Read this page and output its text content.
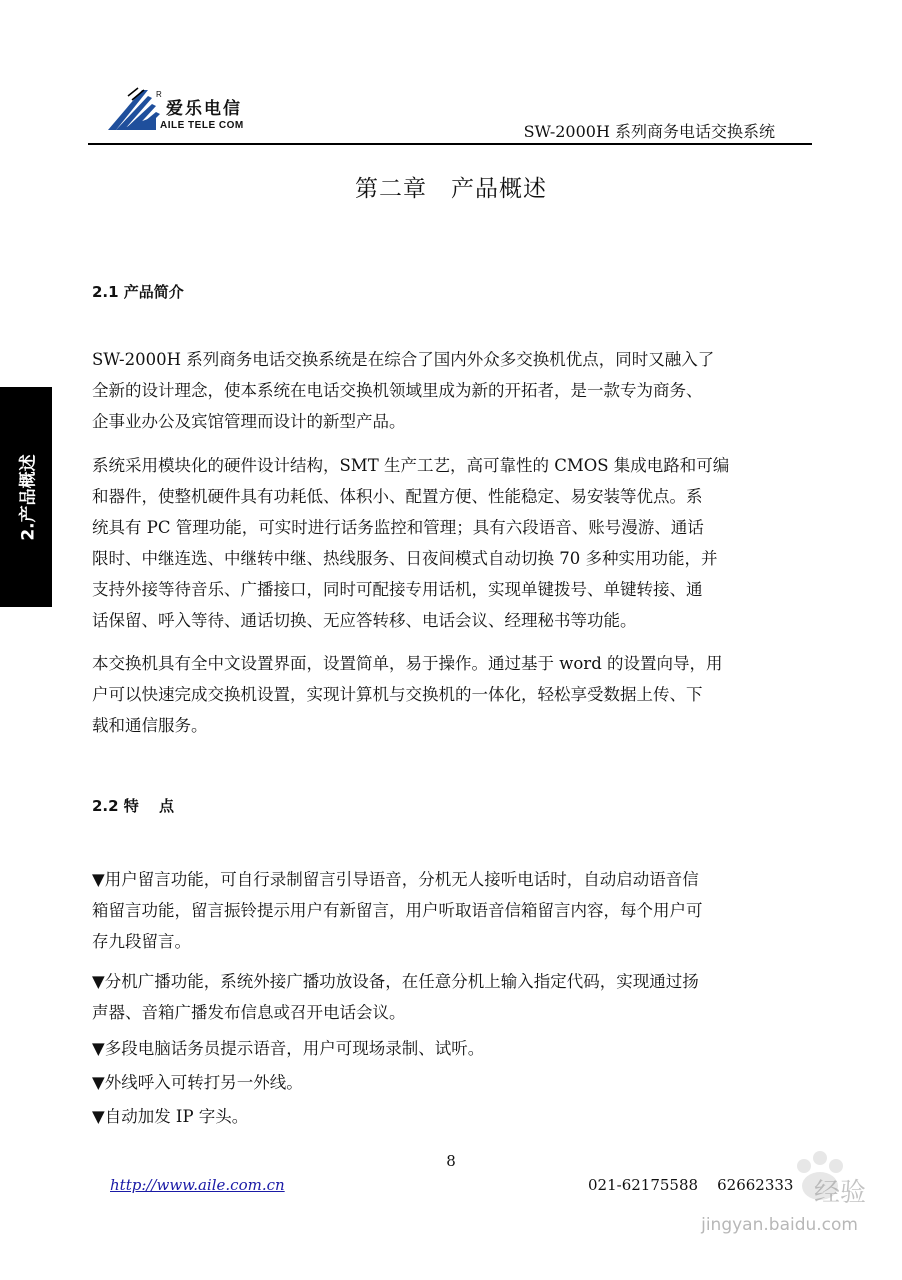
R
爱乐电信
AILE TELE COM	SW-2000H 系列商务电话交换系统
第二章　产品概述
2.产品概述
2.1 产品简介
SW-2000H 系列商务电话交换系统是在综合了国内外众多交换机优点，同时又融入了
全新的设计理念，使本系统在电话交换机领域里成为新的开拓者，是一款专为商务、
企事业办公及宾馆管理而设计的新型产品。
系统采用模块化的硬件设计结构，SMT 生产工艺，高可靠性的 CMOS 集成电路和可编
和器件，使整机硬件具有功耗低、体积小、配置方便、性能稳定、易安装等优点。系
统具有 PC 管理功能，可实时进行话务监控和管理；具有六段语音、账号漫游、通话
限时、中继连选、中继转中继、热线服务、日夜间模式自动切换 70 多种实用功能，并
支持外接等待音乐、广播接口，同时可配接专用话机，实现单键拨号、单键转接、通
话保留、呼入等待、通话切换、无应答转移、电话会议、经理秘书等功能。
本交换机具有全中文设置界面，设置简单，易于操作。通过基于 word 的设置向导，用
户可以快速完成交换机设置，实现计算机与交换机的一体化，轻松享受数据上传、下
载和通信服务。
2.2 特　 点
▼用户留言功能，可自行录制留言引导语音，分机无人接听电话时，自动启动语音信
箱留言功能，留言振铃提示用户有新留言，用户听取语音信箱留言内容，每个用户可
存九段留言。
▼分机广播功能，系统外接广播功放设备，在任意分机上输入指定代码，实现通过扬
声器、音箱广播发布信息或召开电话会议。
▼多段电脑话务员提示语音，用户可现场录制、试听。
▼外线呼入可转打另一外线。
▼自动加发 IP 字头。
8
http://www.aile.com.cn	021-62175588    62662333 经验
jingyan.baidu.com
